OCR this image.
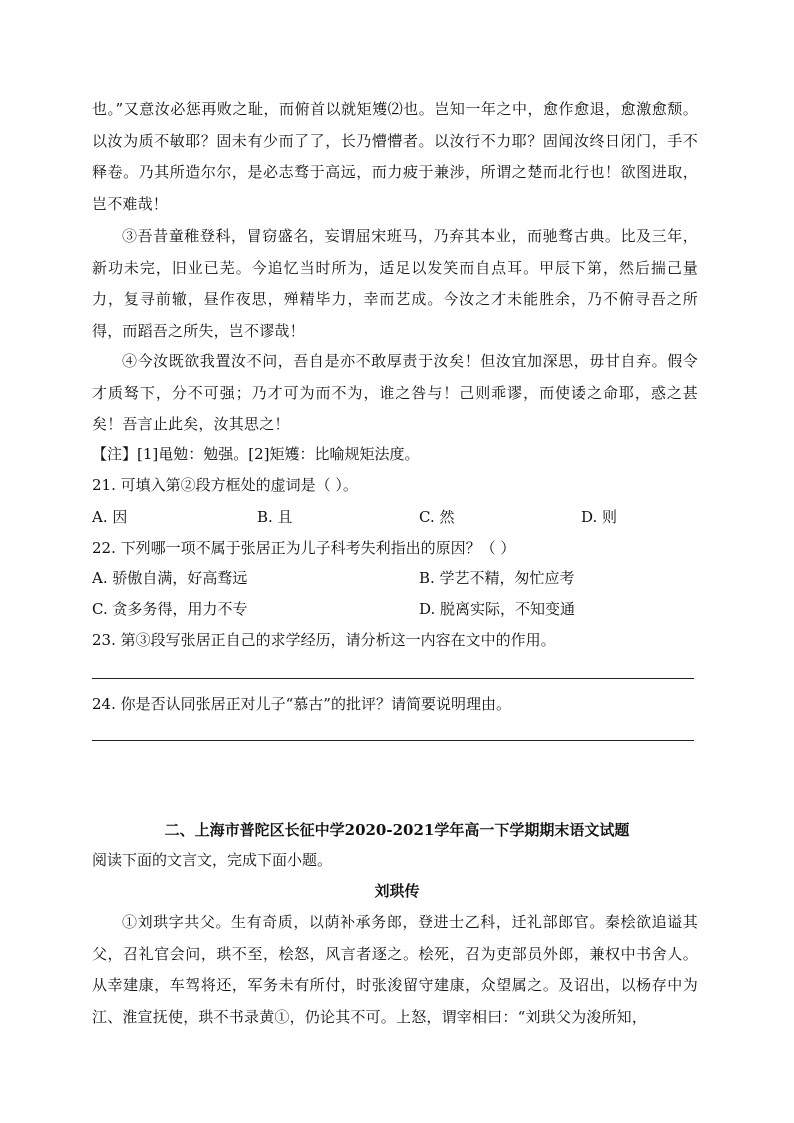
也。”又意汝必惩再败之耻，而俯首以就矩矱⑵也。岂知一年之中，愈作愈退，愈激愈颓。以汝为质不敏耶？固未有少而了了，长乃懵懵者。以汝行不力耶？固闻汝终日闭门，手不释卷。乃其所造尔尔，是必志骛于高远，而力疲于兼涉，所谓之楚而北行也！欲图进取，岂不难哉！
③吾昔童稚登科，冒窃盛名，妄谓屈宋班马，乃弃其本业，而驰骛古典。比及三年，新功未完，旧业已芜。今追忆当时所为，适足以发笑而自点耳。甲辰下第，然后揣己量力，复寻前辙，昼作夜思，殚精毕力，幸而艺成。今汝之才未能胜余，乃不俯寻吾之所得，而蹈吾之所失，岂不谬哉！
④今汝既欲我置汝不问，吾自是亦不敢厚责于汝矣！但汝宜加深思，毋甘自弃。假令才质驽下，分不可强；乃才可为而不为，谁之咎与！己则乖谬，而使诿之命耶，惑之甚矣！吾言止此矣，汝其思之！
【注】[1]黾勉：勉强。[2]矩矱：比喻规矩法度。
21. 可填入第②段方框处的虚词是（ ）。
A. 因	B. 且	C. 然	D. 则
22. 下列哪一项不属于张居正为儿子科考失利指出的原因？（ ）
A. 骄傲自满，好高骛远	B. 学艺不精，匆忙应考
C. 贪多务得，用力不专	D. 脱离实际，不知变通
23. 第③段写张居正自己的求学经历，请分析这一内容在文中的作用。
24. 你是否认同张居正对儿子“慕古”的批评？请简要说明理由。
二、上海市普陀区长征中学2020-2021学年高一下学期期末语文试题
阅读下面的文言文，完成下面小题。
刘珙传
①刘珙字共父。生有奇质，以荫补承务郎，登进士乙科，迁礼部郎官。秦桧欲追谥其父，召礼官会问，珙不至，桧怒，风言者逐之。桧死，召为吏部员外郎，兼权中书舍人。从幸建康，车驾将还，军务未有所付，时张浚留守建康，众望属之。及诏出，以杨存中为江、淮宣抚使，珙不书录黄①，仍论其不可。上怒，谓宰相曰：“刘珙父为浚所知，
